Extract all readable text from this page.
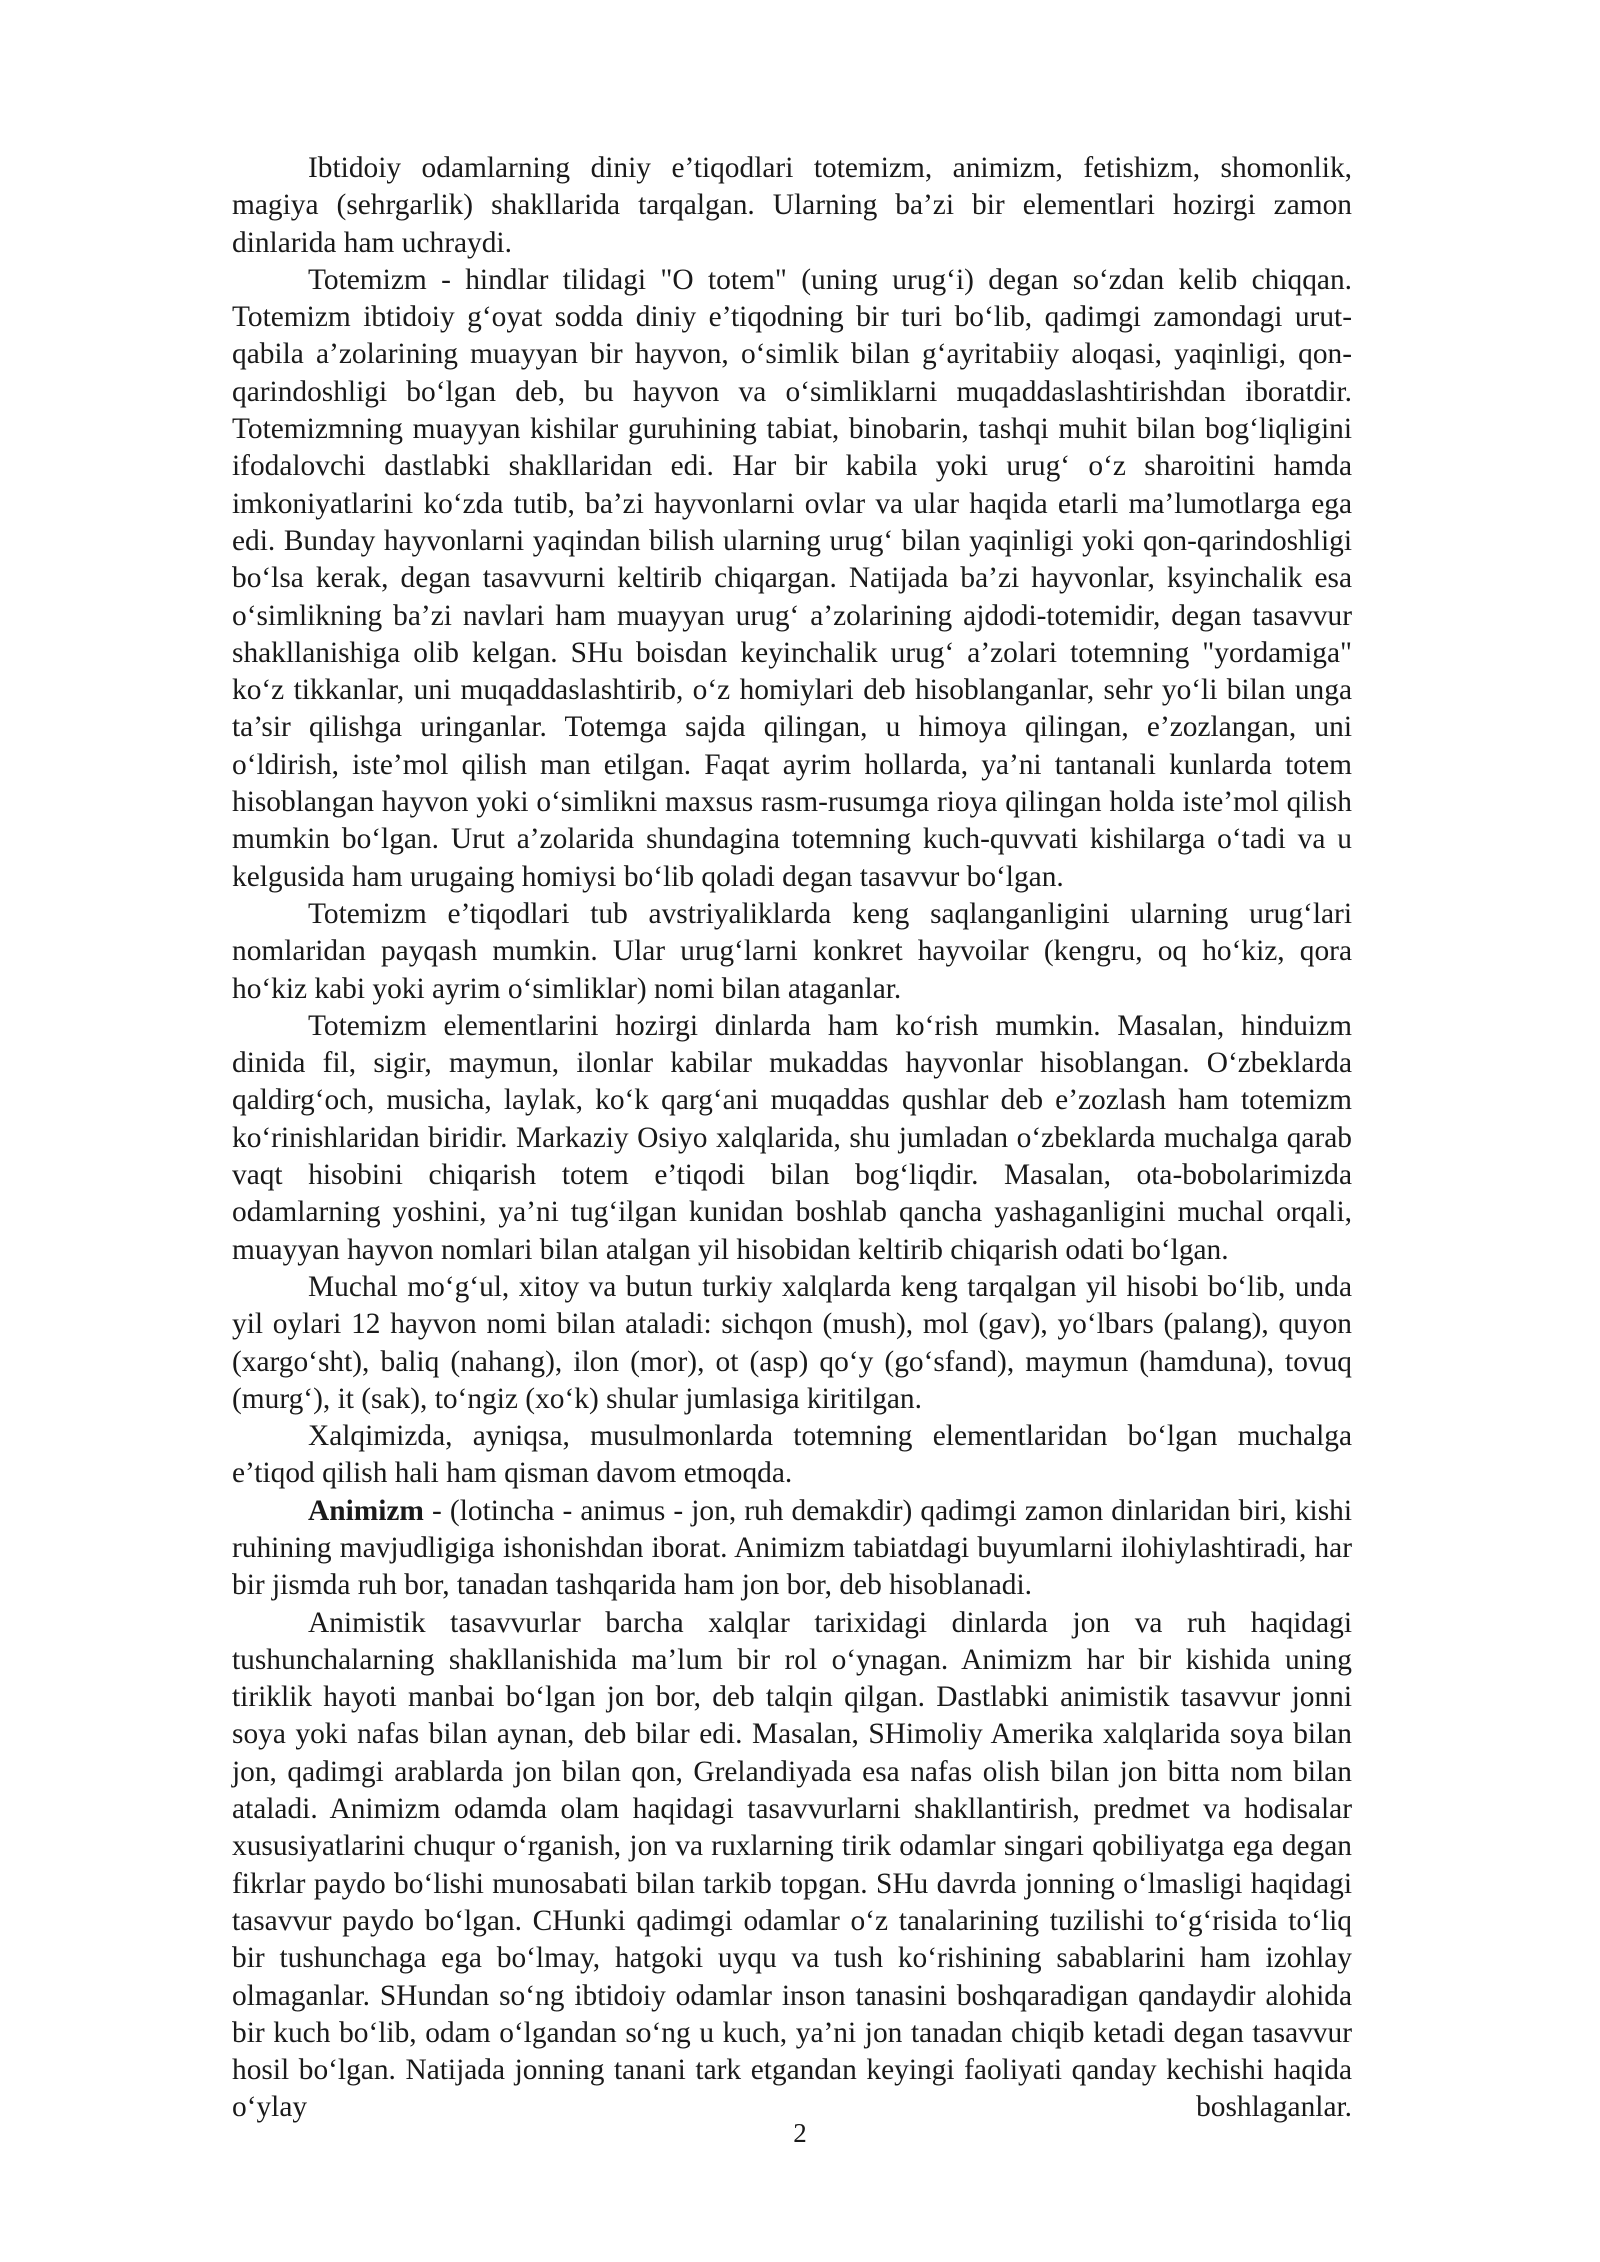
Ibtidoiy odamlarning diniy e’tiqodlari totemizm, animizm, fetishizm, shomonlik, magiya (sehrgarlik) shakllarida tarqalgan. Ularning ba’zi bir elementlari hozirgi zamon dinlarida ham uchraydi.

Totemizm - hindlar tilidagi "O totem" (uning urug‘i) degan so‘zdan kelib chiqqan. Totemizm ibtidoiy g‘oyat sodda diniy e’tiqodning bir turi bo‘lib, qadimgi zamondagi urut-qabila a’zolarining muayyan bir hayvon, o‘simlik bilan g‘ayritabiiy aloqasi, yaqinligi, qon-qarindoshligi bo‘lgan deb, bu hayvon va o‘simliklarni muqaddaslashtirishdan iboratdir. Totemizmning muayyan kishilar guruhining tabiat, binobarin, tashqi muhit bilan bog‘liqligini ifodalovchi dastlabki shakllaridan edi. Har bir kabila yoki urug‘ o‘z sharoitini hamda imkoniyatlarini ko‘zda tutib, ba’zi hayvonlarni ovlar va ular haqida etarli ma’lumotlarga ega edi. Bunday hayvonlarni yaqindan bilish ularning urug‘ bilan yaqinligi yoki qon-qarindoshligi bo‘lsa kerak, degan tasavvurni keltirib chiqargan. Natijada ba’zi hayvonlar, ksyinchalik esa o‘simlikning ba’zi navlari ham muayyan urug‘ a’zolarining ajdodi-totemidir, degan tasavvur shakllanishiga olib kelgan. SHu boisdan keyinchalik urug‘ a’zolari totemning "yordamiga" ko‘z tikkanlar, uni muqaddaslashtirib, o‘z homiylari deb hisoblanganlar, sehr yo‘li bilan unga ta’sir qilishga uringanlar. Totemga sajda qilingan, u himoya qilingan, e’zozlangan, uni o‘ldirish, iste’mol qilish man etilgan. Faqat ayrim hollarda, ya’ni tantanali kunlarda totem hisoblangan hayvon yoki o‘simlikni maxsus rasm-rusumga rioya qilingan holda iste’mol qilish mumkin bo‘lgan. Urut a’zolarida shundagina totemning kuch-quvvati kishilarga o‘tadi va u kelgusida ham urugaing homiysi bo‘lib qoladi degan tasavvur bo‘lgan.

Totemizm e’tiqodlari tub avstriyaliklarda keng saqlanganligini ularning urug‘lari nomlaridan payqash mumkin. Ular urug‘larni konkret hayvoilar (kengru, oq ho‘kiz, qora ho‘kiz kabi yoki ayrim o‘simliklar) nomi bilan ataganlar.

Totemizm elementlarini hozirgi dinlarda ham ko‘rish mumkin. Masalan, hinduizm dinida fil, sigir, maymun, ilonlar kabilar mukaddas hayvonlar hisoblangan. O‘zbeklarda qaldirg‘och, musicha, laylak, ko‘k qarg‘ani muqaddas qushlar deb e’zozlash ham totemizm ko‘rinishlaridan biridir. Markaziy Osiyo xalqlarida, shu jumladan o‘zbeklarda muchalga qarab vaqt hisobini chiqarish totem e’tiqodi bilan bog‘liqdir. Masalan, ota-bobolarimizda odamlarning yoshini, ya’ni tug‘ilgan kunidan boshlab qancha yashaganligini muchal orqali, muayyan hayvon nomlari bilan atalgan yil hisobidan keltirib chiqarish odati bo‘lgan.

Muchal mo‘g‘ul, xitoy va butun turkiy xalqlarda keng tarqalgan yil hisobi bo‘lib, unda yil oylari 12 hayvon nomi bilan ataladi: sichqon (mush), mol (gav), yo‘lbars (palang), quyon (xargo‘sht), baliq (nahang), ilon (mor), ot (asp) qo‘y (go‘sfand), maymun (hamduna), tovuq (murg‘), it (sak), to‘ngiz (xo‘k) shular jumlasiga kiritilgan.

Xalqimizda, ayniqsa, musulmonlarda totemning elementlaridan bo‘lgan muchalga e’tiqod qilish hali ham qisman davom etmoqda.

Animizm - (lotincha - animus - jon, ruh demakdir) qadimgi zamon dinlaridan biri, kishi ruhining mavjudligiga ishonishdan iborat. Animizm tabiatdagi buyumlarni ilohiylashtiradi, har bir jismda ruh bor, tanadan tashqarida ham jon bor, deb hisoblanadi.

Animistik tasavvurlar barcha xalqlar tarixidagi dinlarda jon va ruh haqidagi tushunchalarning shakllanishida ma’lum bir rol o‘ynagan. Animizm har bir kishida uning tiriklik hayoti manbai bo‘lgan jon bor, deb talqin qilgan. Dastlabki animistik tasavvur jonni soya yoki nafas bilan aynan, deb bilar edi. Masalan, SHimoliy Amerika xalqlarida soya bilan jon, qadimgi arablarda jon bilan qon, Grelandiyada esa nafas olish bilan jon bitta nom bilan ataladi. Animizm odamda olam haqidagi tasavvurlarni shakllantirish, predmet va hodisalar xususiyatlarini chuqur o‘rganish, jon va ruxlarning tirik odamlar singari qobiliyatga ega degan fikrlar paydo bo‘lishi munosabati bilan tarkib topgan. SHu davrda jonning o‘lmasligi haqidagi tasavvur paydo bo‘lgan. CHunki qadimgi odamlar o‘z tanalarining tuzilishi to‘g‘risida to‘liq bir tushunchaga ega bo‘lmay, hatgoki uyqu va tush ko‘rishining sabablarini ham izohlay olmaganlar. SHundan so‘ng ibtidoiy odamlar inson tanasini boshqaradigan qandaydir alohida bir kuch bo‘lib, odam o‘lgandan so‘ng u kuch, ya’ni jon tanadan chiqib ketadi degan tasavvur hosil bo‘lgan. Natijada jonning tanani tark etgandan keyingi faoliyati qanday kechishi haqida o‘ylay boshlaganlar.

2
